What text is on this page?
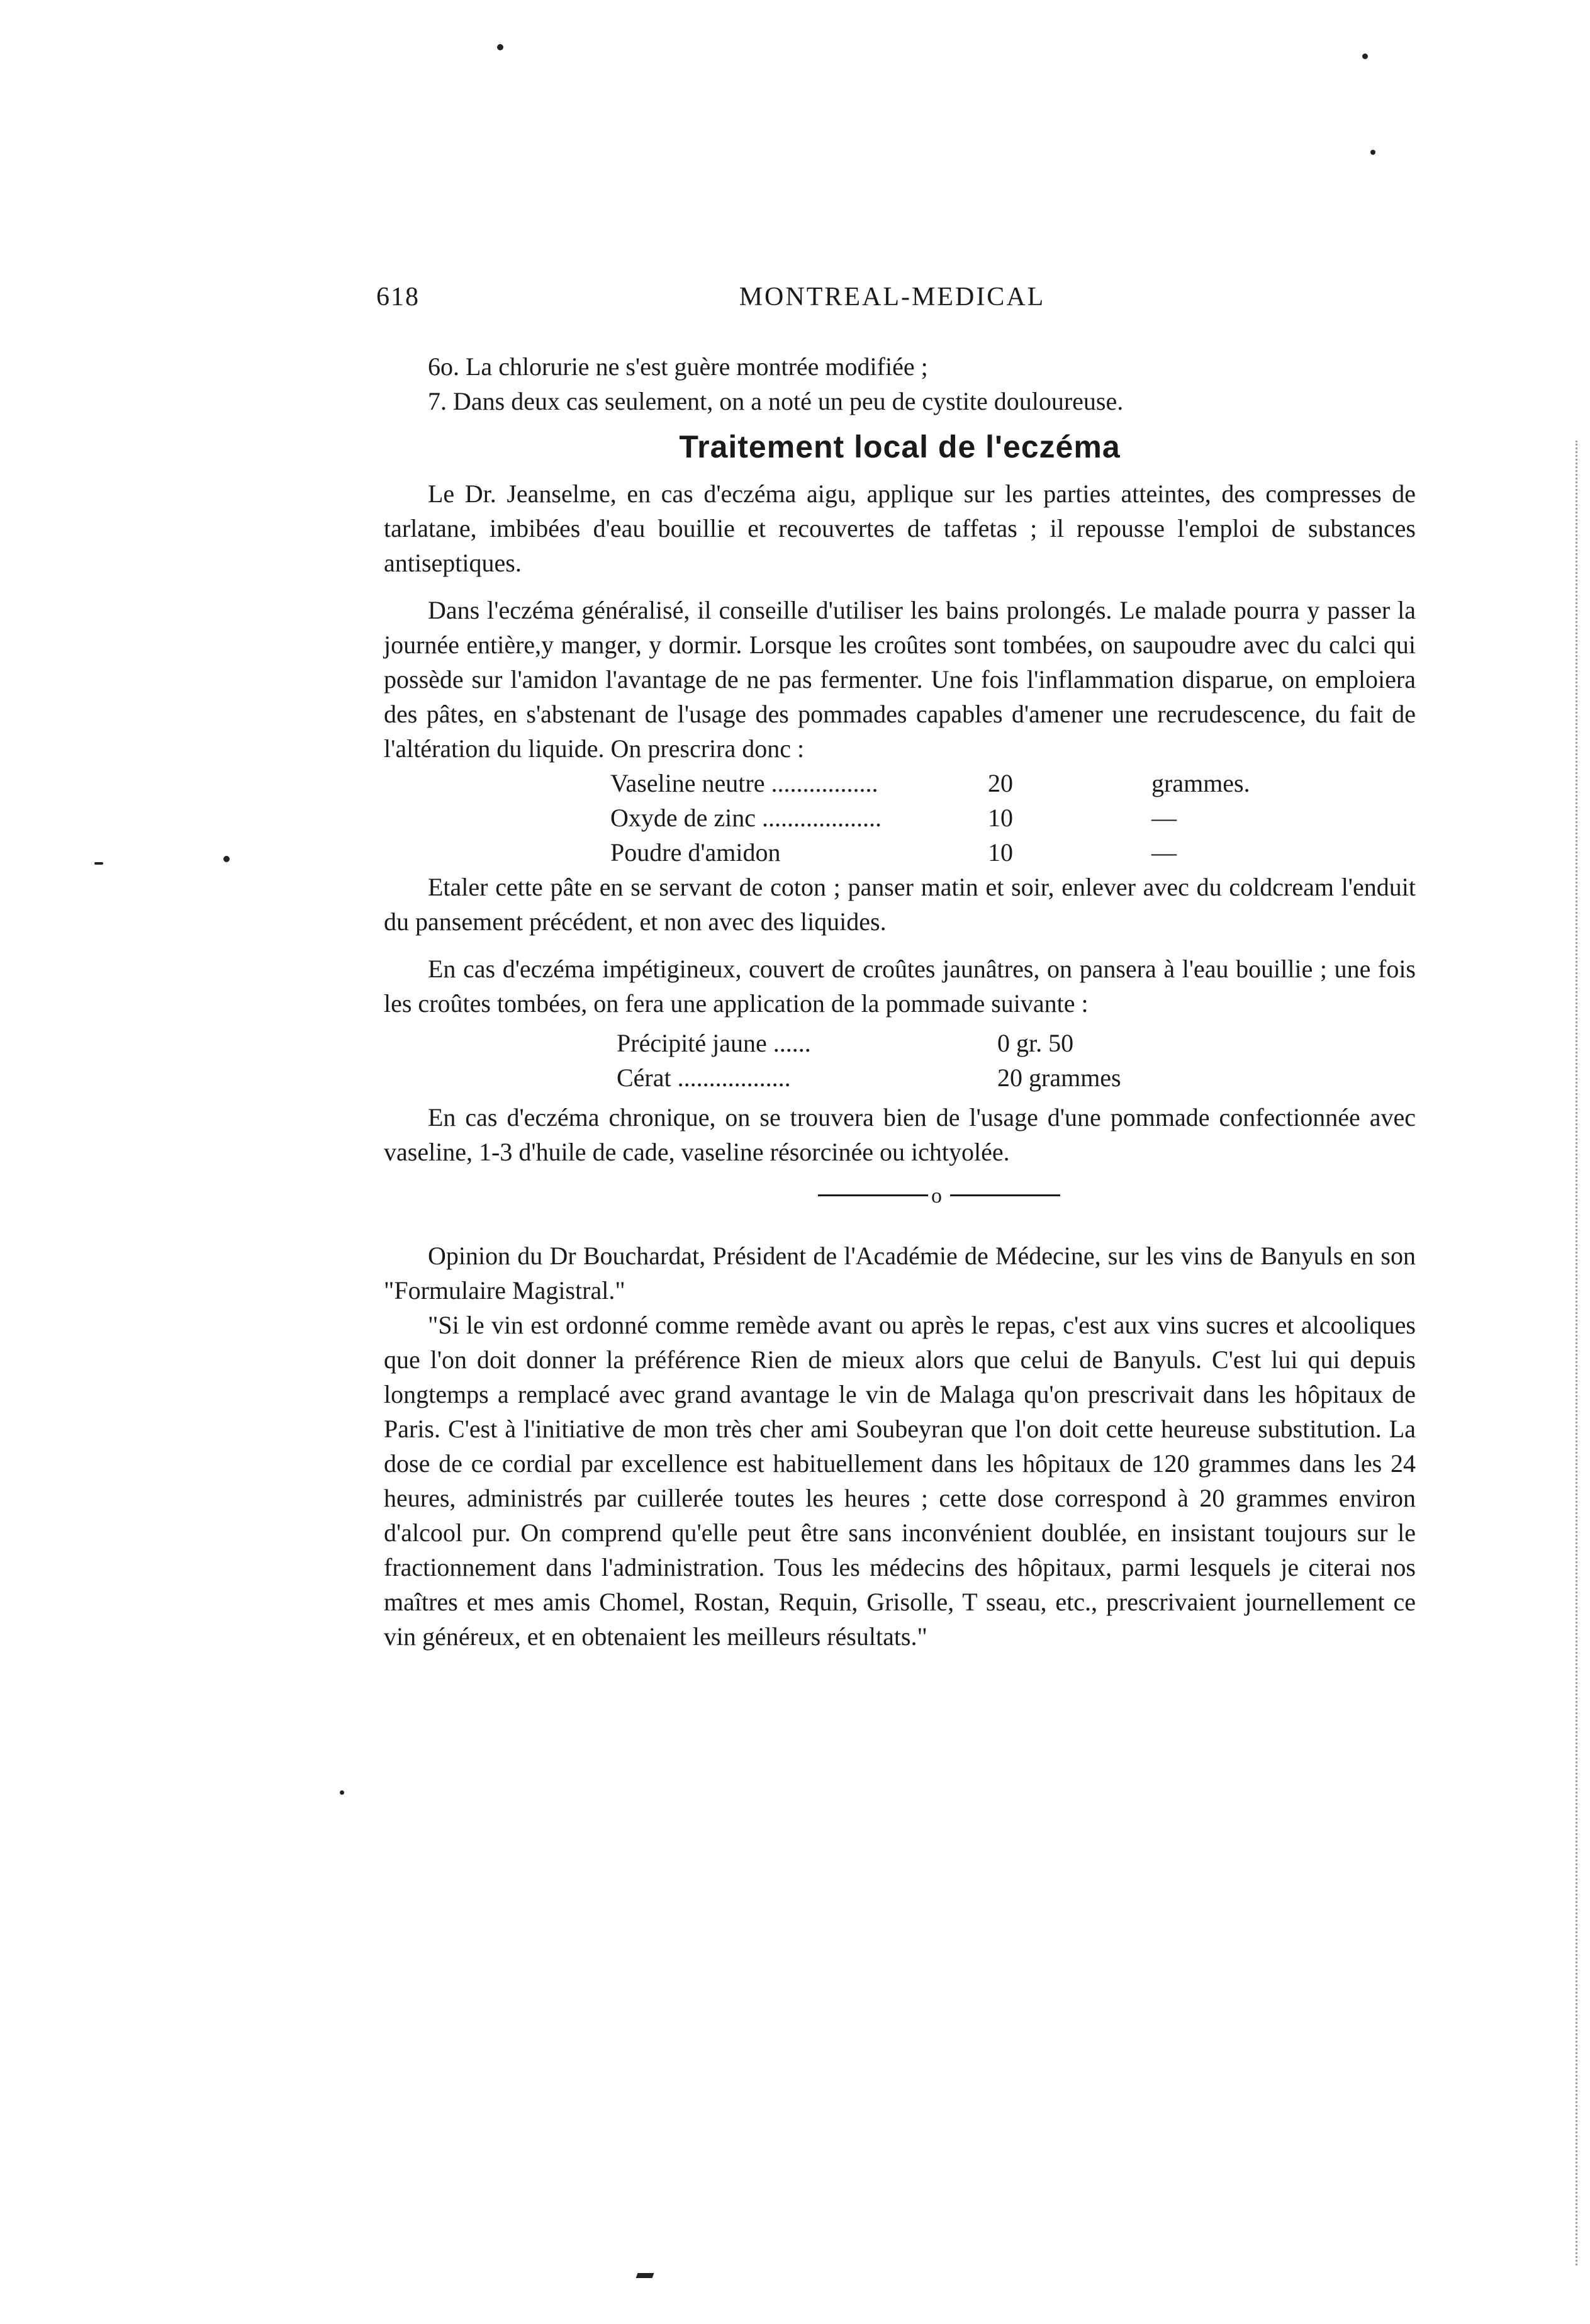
618	MONTREAL-MEDICAL

6o. La chlorurie ne s'est guère montrée modifiée ;

7. Dans deux cas seulement, on a noté un peu de cystite douloureuse.

Traitement local de l'eczéma

Le Dr. Jeanselme, en cas d'eczéma aigu, applique sur les parties atteintes, des compresses de tarlatane, imbibées d'eau bouillie et recouvertes de taffetas ; il repousse l'emploi de substances antiseptiques.

Dans l'eczéma généralisé, il conseille d'utiliser les bains prolongés. Le malade pourra y passer la journée entière,y manger, y dormir. Lorsque les croûtes sont tombées, on saupoudre avec du calci qui possède sur l'amidon l'avantage de ne pas fermenter. Une fois l'inflammation disparue, on emploiera des pâtes, en s'abstenant de l'usage des pommades capables d'amener une recrudescence, du fait de l'altération du liquide. On prescrira donc :

Vaseline neutre .................	20	grammes.
Oxyde de zinc ...................	10	—
Poudre d'amidon	10	—

Etaler cette pâte en se servant de coton ; panser matin et soir, enlever avec du coldcream l'enduit du pansement précédent, et non avec des liquides.

En cas d'eczéma impétigineux, couvert de croûtes jaunâtres, on pansera à l'eau bouillie ; une fois les croûtes tombées, on fera une application de la pommade suivante :

Précipité jaune ......	0 gr. 50
Cérat ..................	20 grammes

En cas d'eczéma chronique, on se trouvera bien de l'usage d'une pommade confectionnée avec vaseline, 1-3 d'huile de cade, vaseline résorcinée ou ichtyolée.

o

Opinion du Dr Bouchardat, Président de l'Académie de Médecine, sur les vins de Banyuls en son "Formulaire Magistral."

"Si le vin est ordonné comme remède avant ou après le repas, c'est aux vins sucres et alcooliques que l'on doit donner la préférence Rien de mieux alors que celui de Banyuls. C'est lui qui depuis longtemps a remplacé avec grand avantage le vin de Malaga qu'on prescrivait dans les hôpitaux de Paris. C'est à l'initiative de mon très cher ami Soubeyran que l'on doit cette heureuse substitution. La dose de ce cordial par excellence est habituellement dans les hôpitaux de 120 grammes dans les 24 heures, administrés par cuillerée toutes les heures ; cette dose correspond à 20 grammes environ d'alcool pur. On comprend qu'elle peut être sans inconvénient doublée, en insistant toujours sur le fractionnement dans l'administration. Tous les médecins des hôpitaux, parmi lesquels je citerai nos maîtres et mes amis Chomel, Rostan, Requin, Grisolle, T sseau, etc., prescrivaient journellement ce vin généreux, et en obtenaient les meilleurs résultats."
